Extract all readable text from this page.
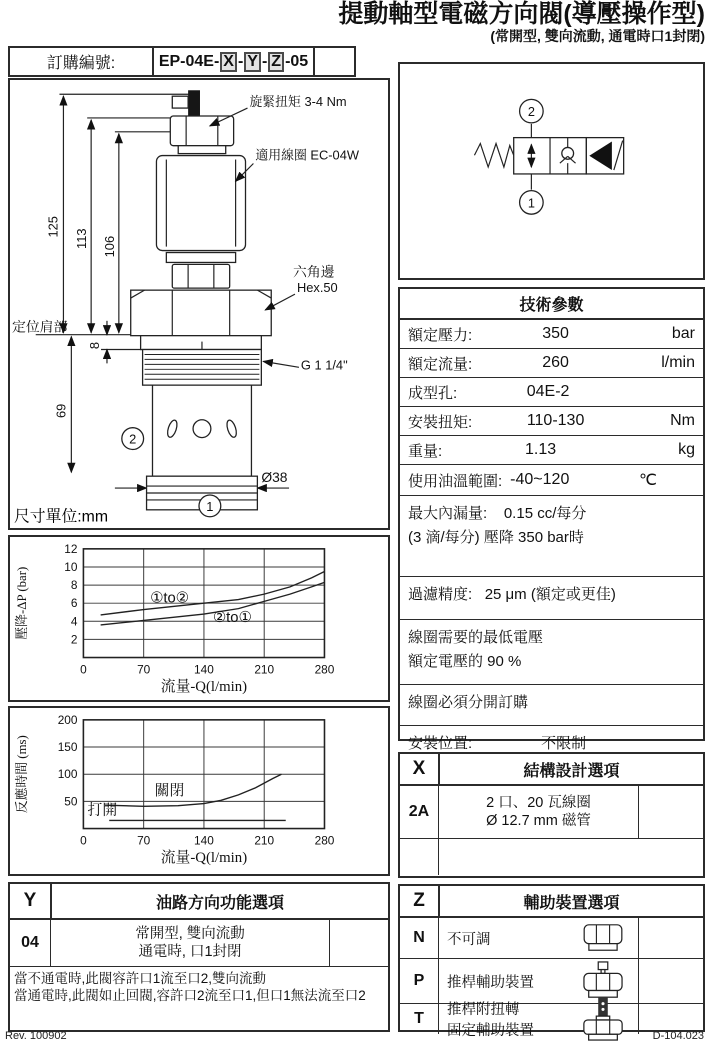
提動軸型電磁方向閥(導壓操作型)
(常開型, 雙向流動, 通電時口1封閉)
訂購編號:	EP-04E- X - Y - Z -05
旋緊扭矩 3-4 Nm
適用線圈 EC-04W
六角邊
Hex.50
G 1 1/4"
定位肩部
125
113 106
8
69
Ø38
2
1
尺寸單位:mm
2
1
技術參數
額定壓力:	350	bar
額定流量:	260	l/min
成型孔:	04E-2
安裝扭矩:	110-130	Nm
重量:	1.13	kg
使用油溫範圍: -40~120	℃
最大內漏量: 0.15 cc/每分
(3 滴/每分) 壓降 350 bar時
過濾精度: 25 μm (額定或更佳)
線圈需要的最低電壓
額定電壓的 90 %
線圈必須分開訂購
安裝位置:	不限制
0	70	140	210	280
2
4
6
8
10
12
①to②
②to①
流量-Q(l/min)
壓降-ΔP (bar)
0	70	140	210	280
50
100
150
200
關閉
打開
流量-Q(l/min)
反應時間 (ms)
Y	油路方向功能選項
04	常開型, 雙向流動
通電時, 口1封閉
當不通電時,此閥容許口1流至口2,雙向流動
當通電時,此閥如止回閥,容許口2流至口1,但口1無法流至口2
X	結構設計選項
2A	2 口、20 瓦線圈
Ø 12.7 mm 磁管
Z	輔助裝置選項
N	不可調
P	推桿輔助裝置
T	推桿附扭轉
固定輔助裝置
Rev. 100902	D-104.023
